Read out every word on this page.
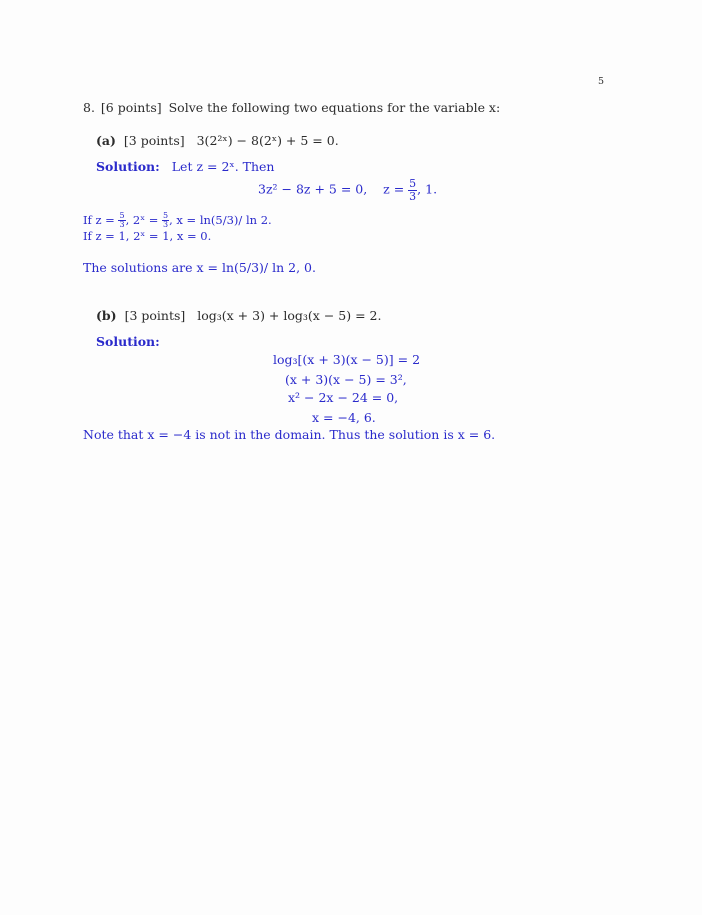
5
8. [6 points] Solve the following two equations for the variable x:
(a) [3 points] 3(2²ˣ) − 8(2ˣ) + 5 = 0.
Solution: Let z = 2ˣ. Then
3z² − 8z + 5 = 0, $z = \frac{5}{3}$ , 1.
If $z = \frac{5}{3}$ , 2ˣ = $\frac{5}{3}$ , x = ln(5/3)/ ln 2.
If z = 1, 2ˣ = 1, x = 0.
The solutions are x = ln(5/3)/ ln 2, 0.
(b) [3 points] log₃(x + 3) + log₃(x − 5) = 2.
Solution:
log₃[(x + 3)(x − 5)] = 2
(x + 3)(x − 5) = 3²,
x² − 2x − 24 = 0,
x = −4, 6.
Note that x = −4 is not in the domain. Thus the solution is x = 6.
